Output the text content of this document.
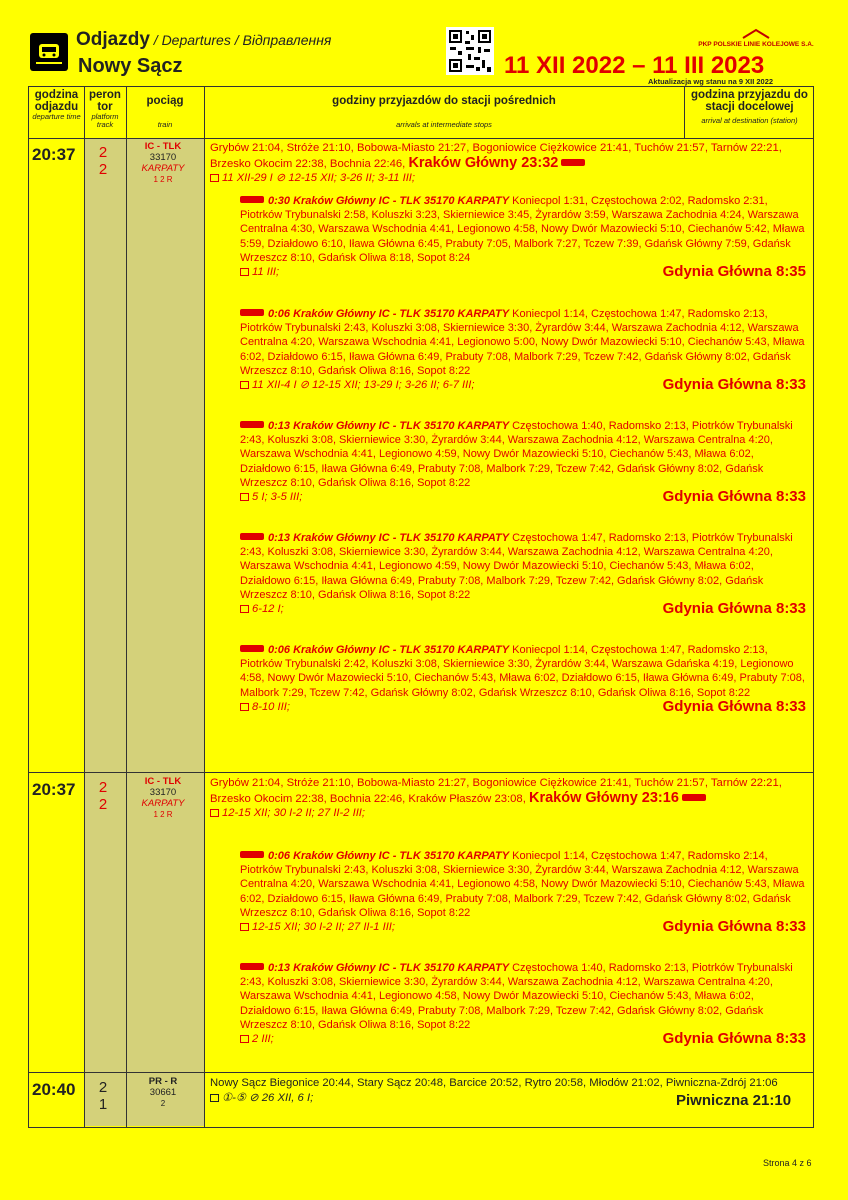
Odjazdy / Departures / Відправлення
Nowy Sącz
PKP POLSKIE LINIE KOLEJOWE S.A.
11 XII 2022 – 11 III 2023
Aktualizacja wg stanu na 9 XII 2022
godzina odjazdu
departure time
peron tor
platform track
pociąg
train
godziny przyjazdów do stacji pośrednich
arrivals at intermediate stops
godzina przyjazdu do stacji docelowej
arrival at destination (station)
20:37	2
2
IC - TLK
33170
KARPATY
1 2 R
Grybów 21:04, Stróże 21:10, Bobowa-Miasto 21:27, Bogoniowice Ciężkowice 21:41, Tuchów 21:57, Tarnów 22:21, Brzesko Okocim 22:38, Bochnia 22:46, Kraków Główny 23:32
11 XII-29 I ⊘ 12-15 XII; 3-26 II; 3-11 III;
0:30 Kraków Główny IC - TLK 35170 KARPATY Koniecpol 1:31, Częstochowa 2:02, Radomsko 2:31, Piotrków Trybunalski 2:58, Koluszki 3:23, Skierniewice 3:45, Żyrardów 3:59, Warszawa Zachodnia 4:24, Warszawa Centralna 4:30, Warszawa Wschodnia 4:41, Legionowo 4:58, Nowy Dwór Mazowiecki 5:10, Ciechanów 5:42, Mława 5:59, Działdowo 6:10, Iława Główna 6:45, Prabuty 7:05, Malbork 7:27, Tczew 7:39, Gdańsk Główny 7:59, Gdańsk Wrzeszcz 8:10, Gdańsk Oliwa 8:18, Sopot 8:24
11 III;	Gdynia Główna 8:35
0:06 Kraków Główny IC - TLK 35170 KARPATY Koniecpol 1:14, Częstochowa 1:47, Radomsko 2:13, Piotrków Trybunalski 2:43, Koluszki 3:08, Skierniewice 3:30, Żyrardów 3:44, Warszawa Zachodnia 4:12, Warszawa Centralna 4:20, Warszawa Wschodnia 4:41, Legionowo 5:00, Nowy Dwór Mazowiecki 5:10, Ciechanów 5:43, Mława 6:02, Działdowo 6:15, Iława Główna 6:49, Prabuty 7:08, Malbork 7:29, Tczew 7:42, Gdańsk Główny 8:02, Gdańsk Wrzeszcz 8:10, Gdańsk Oliwa 8:16, Sopot 8:22
11 XII-4 I ⊘ 12-15 XII; 13-29 I; 3-26 II; 6-7 III;	Gdynia Główna 8:33
0:13 Kraków Główny IC - TLK 35170 KARPATY Częstochowa 1:40, Radomsko 2:13, Piotrków Trybunalski 2:43, Koluszki 3:08, Skierniewice 3:30, Żyrardów 3:44, Warszawa Zachodnia 4:12, Warszawa Centralna 4:20, Warszawa Wschodnia 4:41, Legionowo 4:59, Nowy Dwór Mazowiecki 5:10, Ciechanów 5:43, Mława 6:02, Działdowo 6:15, Iława Główna 6:49, Prabuty 7:08, Malbork 7:29, Tczew 7:42, Gdańsk Główny 8:02, Gdańsk Wrzeszcz 8:10, Gdańsk Oliwa 8:16, Sopot 8:22
5 I; 3-5 III;	Gdynia Główna 8:33
0:13 Kraków Główny IC - TLK 35170 KARPATY Częstochowa 1:47, Radomsko 2:13, Piotrków Trybunalski 2:43, Koluszki 3:08, Skierniewice 3:30, Żyrardów 3:44, Warszawa Zachodnia 4:12, Warszawa Centralna 4:20, Warszawa Wschodnia 4:41, Legionowo 4:59, Nowy Dwór Mazowiecki 5:10, Ciechanów 5:43, Mława 6:02, Działdowo 6:15, Iława Główna 6:49, Prabuty 7:08, Malbork 7:29, Tczew 7:42, Gdańsk Główny 8:02, Gdańsk Wrzeszcz 8:10, Gdańsk Oliwa 8:16, Sopot 8:22
6-12 I;	Gdynia Główna 8:33
0:06 Kraków Główny IC - TLK 35170 KARPATY Koniecpol 1:14, Częstochowa 1:47, Radomsko 2:13, Piotrków Trybunalski 2:42, Koluszki 3:08, Skierniewice 3:30, Żyrardów 3:44, Warszawa Gdańska 4:19, Legionowo 4:58, Nowy Dwór Mazowiecki 5:10, Ciechanów 5:43, Mława 6:02, Działdowo 6:15, Iława Główna 6:49, Prabuty 7:08, Malbork 7:29, Tczew 7:42, Gdańsk Główny 8:02, Gdańsk Wrzeszcz 8:10, Gdańsk Oliwa 8:16, Sopot 8:22
8-10 III;	Gdynia Główna 8:33
20:37	2
2
IC - TLK
33170
KARPATY
1 2 R
Grybów 21:04, Stróże 21:10, Bobowa-Miasto 21:27, Bogoniowice Ciężkowice 21:41, Tuchów 21:57, Tarnów 22:21, Brzesko Okocim 22:38, Bochnia 22:46, Kraków Płaszów 23:08, Kraków Główny 23:16
12-15 XII; 30 I-2 II; 27 II-2 III;
0:06 Kraków Główny IC - TLK 35170 KARPATY Koniecpol 1:14, Częstochowa 1:47, Radomsko 2:14, Piotrków Trybunalski 2:43, Koluszki 3:08, Skierniewice 3:30, Żyrardów 3:44, Warszawa Zachodnia 4:12, Warszawa Centralna 4:20, Warszawa Wschodnia 4:41, Legionowo 4:58, Nowy Dwór Mazowiecki 5:10, Ciechanów 5:43, Mława 6:02, Działdowo 6:15, Iława Główna 6:49, Prabuty 7:08, Malbork 7:29, Tczew 7:42, Gdańsk Główny 8:02, Gdańsk Wrzeszcz 8:10, Gdańsk Oliwa 8:16, Sopot 8:22
12-15 XII; 30 I-2 II; 27 II-1 III;	Gdynia Główna 8:33
0:13 Kraków Główny IC - TLK 35170 KARPATY Częstochowa 1:40, Radomsko 2:13, Piotrków Trybunalski 2:43, Koluszki 3:08, Skierniewice 3:30, Żyrardów 3:44, Warszawa Zachodnia 4:12, Warszawa Centralna 4:20, Warszawa Wschodnia 4:41, Legionowo 4:58, Nowy Dwór Mazowiecki 5:10, Ciechanów 5:43, Mława 6:02, Działdowo 6:15, Iława Główna 6:49, Prabuty 7:08, Malbork 7:29, Tczew 7:42, Gdańsk Główny 8:02, Gdańsk Wrzeszcz 8:10, Gdańsk Oliwa 8:16, Sopot 8:22
2 III;	Gdynia Główna 8:33
20:40	2
1
PR - R
30661
2
Nowy Sącz Biegonice 20:44, Stary Sącz 20:48, Barcice 20:52, Rytro 20:58, Młodów 21:02, Piwniczna-Zdrój 21:06
①-⑤ ⊘ 26 XII, 6 I;	Piwniczna 21:10
Strona 4 z 6
